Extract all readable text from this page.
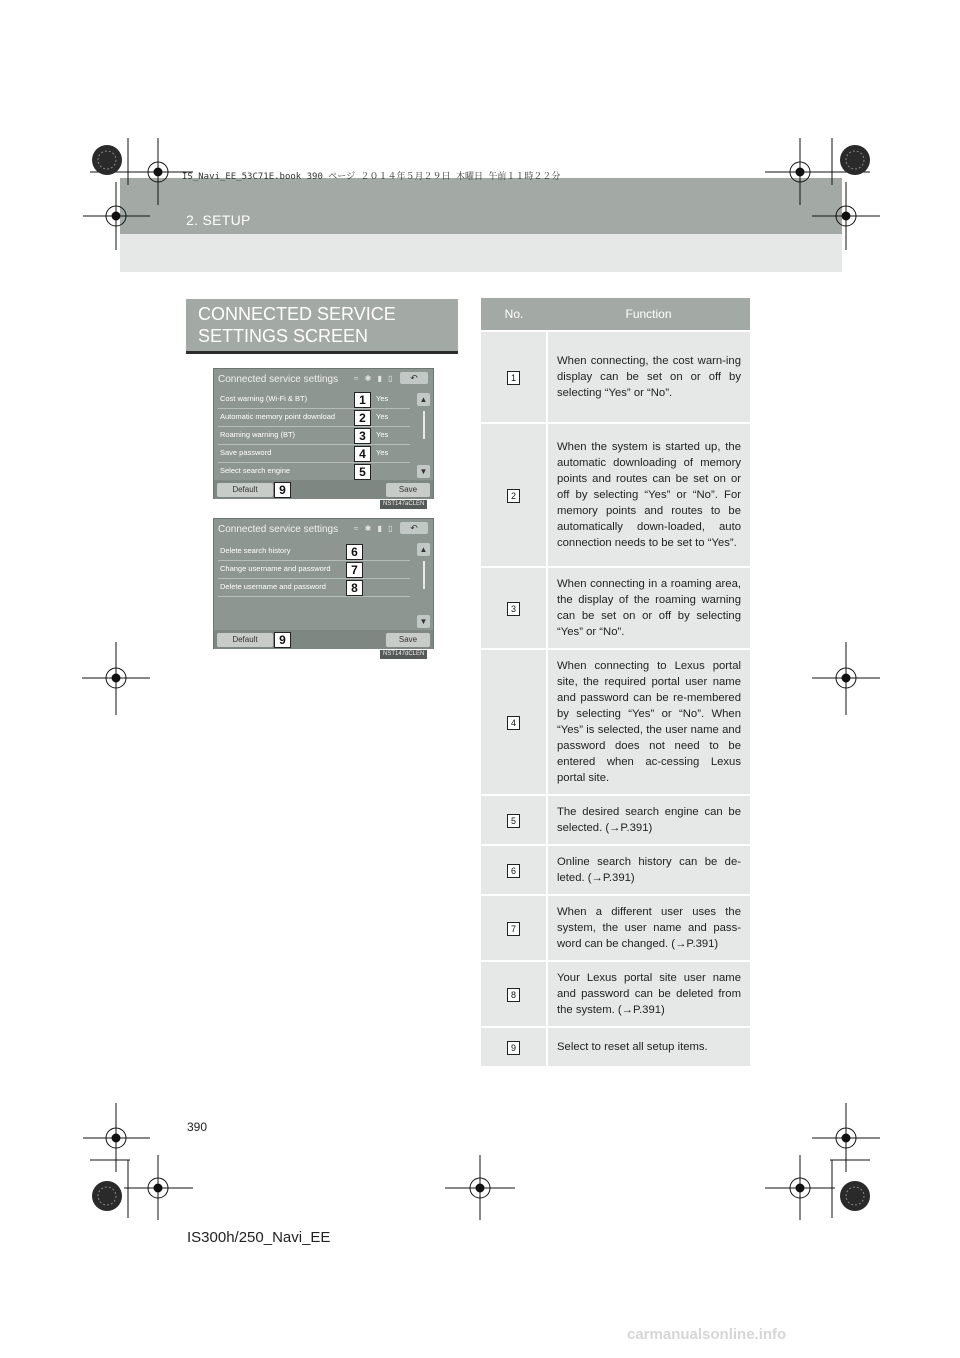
2. SETUP
IS_Navi_EE_53C71E.book 390 ページ ２０１４年５月２９日 木曜日 午前１１時２２分
CONNECTED SERVICE SETTINGS SCREEN
Connected service settings ≈ ✱ ▮ ▯	↶
Cost warning (Wi-Fi & BT)	Yes
1
Automatic memory point download	Yes
2
Roaming warning (BT)	Yes
3
Save password	Yes
4
Select search engine	5
▲
▼
Default	9	Save
NST147aCLEN
Connected service settings ≈ ✱ ▮ ▯	↶
Delete search history	6
Change username and password	7
Delete username and password	8
▲
▼
Default	9	Save
NST147dCLEN
No.	Function
1	When connecting, the cost warn-ing display can be set on or off by selecting “Yes” or “No”.
2	When the system is started up, the automatic downloading of memory points and routes can be set on or off by selecting “Yes” or “No”. For memory points and routes to be automatically down-loaded, auto connection needs to be set to “Yes”.
3	When connecting in a roaming area, the display of the roaming warning can be set on or off by selecting “Yes” or “No”.
4	When connecting to Lexus portal site, the required portal user name and password can be re-membered by selecting “Yes” or “No”. When “Yes” is selected, the user name and password does not need to be entered when ac-cessing Lexus portal site.
5	The desired search engine can be selected. (→P.391)
6	Online search history can be de-leted. (→P.391)
7	When a different user uses the system, the user name and pass-word can be changed. (→P.391)
8	Your Lexus portal site user name and password can be deleted from the system. (→P.391)
9	Select to reset all setup items.
390
IS300h/250_Navi_EE
carmanualsonline.info
